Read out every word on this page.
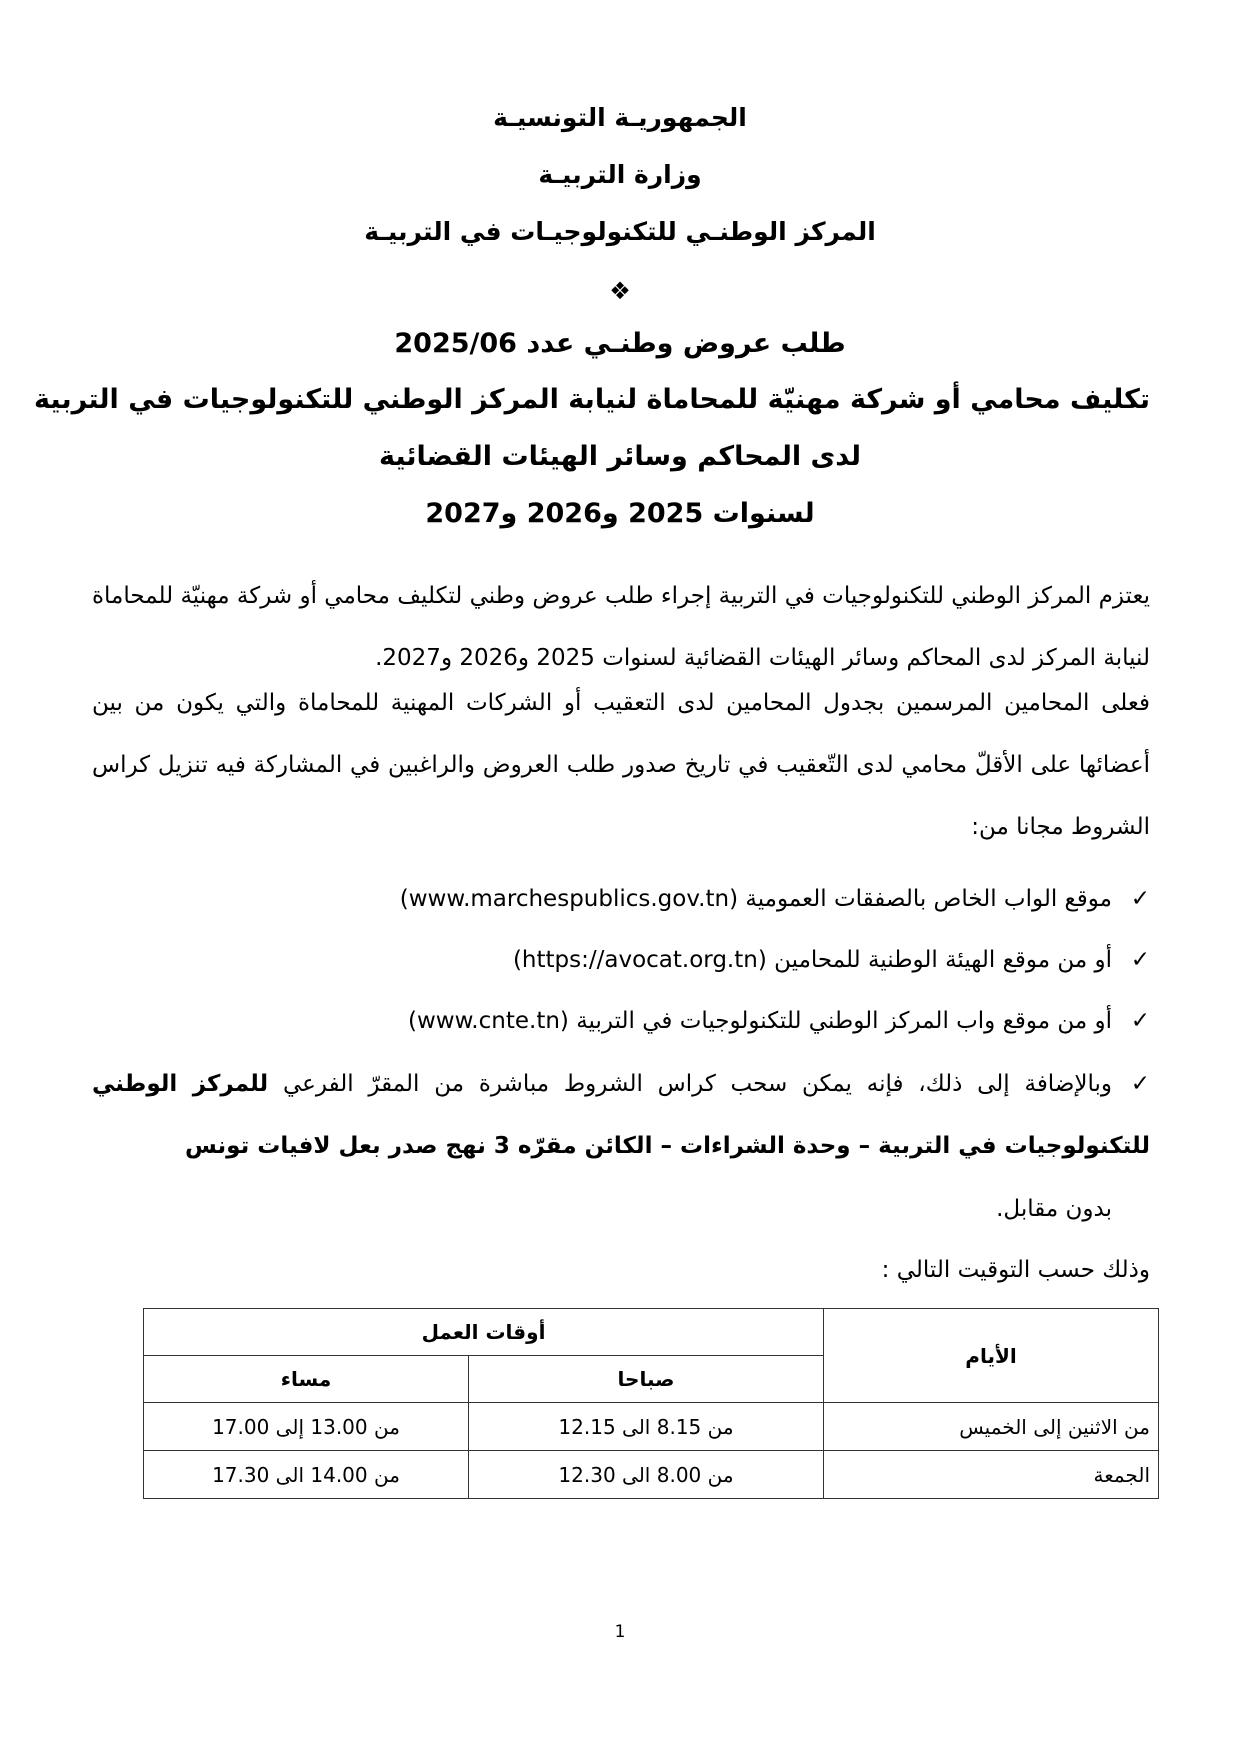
الجمهوريـة التونسيـة
وزارة التربيـة
المركز الوطنـي للتكنولوجيـات في التربيـة
❖
طلب عروض وطنـي عدد 2025/06
تكليف محامي أو شركة مهنيّة للمحاماة لنيابة المركز الوطني للتكنولوجيات في التربية
لدى المحاكم وسائر الهيئات القضائية
لسنوات 2025 و2026 و2027
يعتزم المركز الوطني للتكنولوجيات في التربية إجراء طلب عروض وطني لتكليف محامي أو شركة مهنيّة للمحاماة لنيابة المركز لدى المحاكم وسائر الهيئات القضائية لسنوات 2025 و2026 و2027.
فعلى المحامين المرسمين بجدول المحامين لدى التعقيب أو الشركات المهنية للمحاماة والتي يكون من بين أعضائها على الأقلّ محامي لدى التّعقيب في تاريخ صدور طلب العروض والراغبين في المشاركة فيه تنزيل كراس الشروط مجانا من:
✓موقع الواب الخاص بالصفقات العمومية (www.marchespublics.gov.tn)
✓أو من موقع الهيئة الوطنية للمحامين (https://avocat.org.tn)
✓أو من موقع واب المركز الوطني للتكنولوجيات في التربية (www.cnte.tn)
✓وبالإضافة إلى ذلك، فإنه يمكن سحب كراس الشروط مباشرة من المقرّ الفرعي للمركز الوطني للتكنولوجيات في التربية – وحدة الشراءات – الكائن مقرّه 3 نهج صدر بعل لافيات تونس
بدون مقابل.
وذلك حسب التوقيت التالي :
الأيام	أوقات العمل	
	صباحا	مساء
من الاثنين إلى الخميس	من 8.15 الى 12.15	من 13.00 إلى 17.00
الجمعة	من 8.00 الى 12.30	من 14.00 الى 17.30
1
